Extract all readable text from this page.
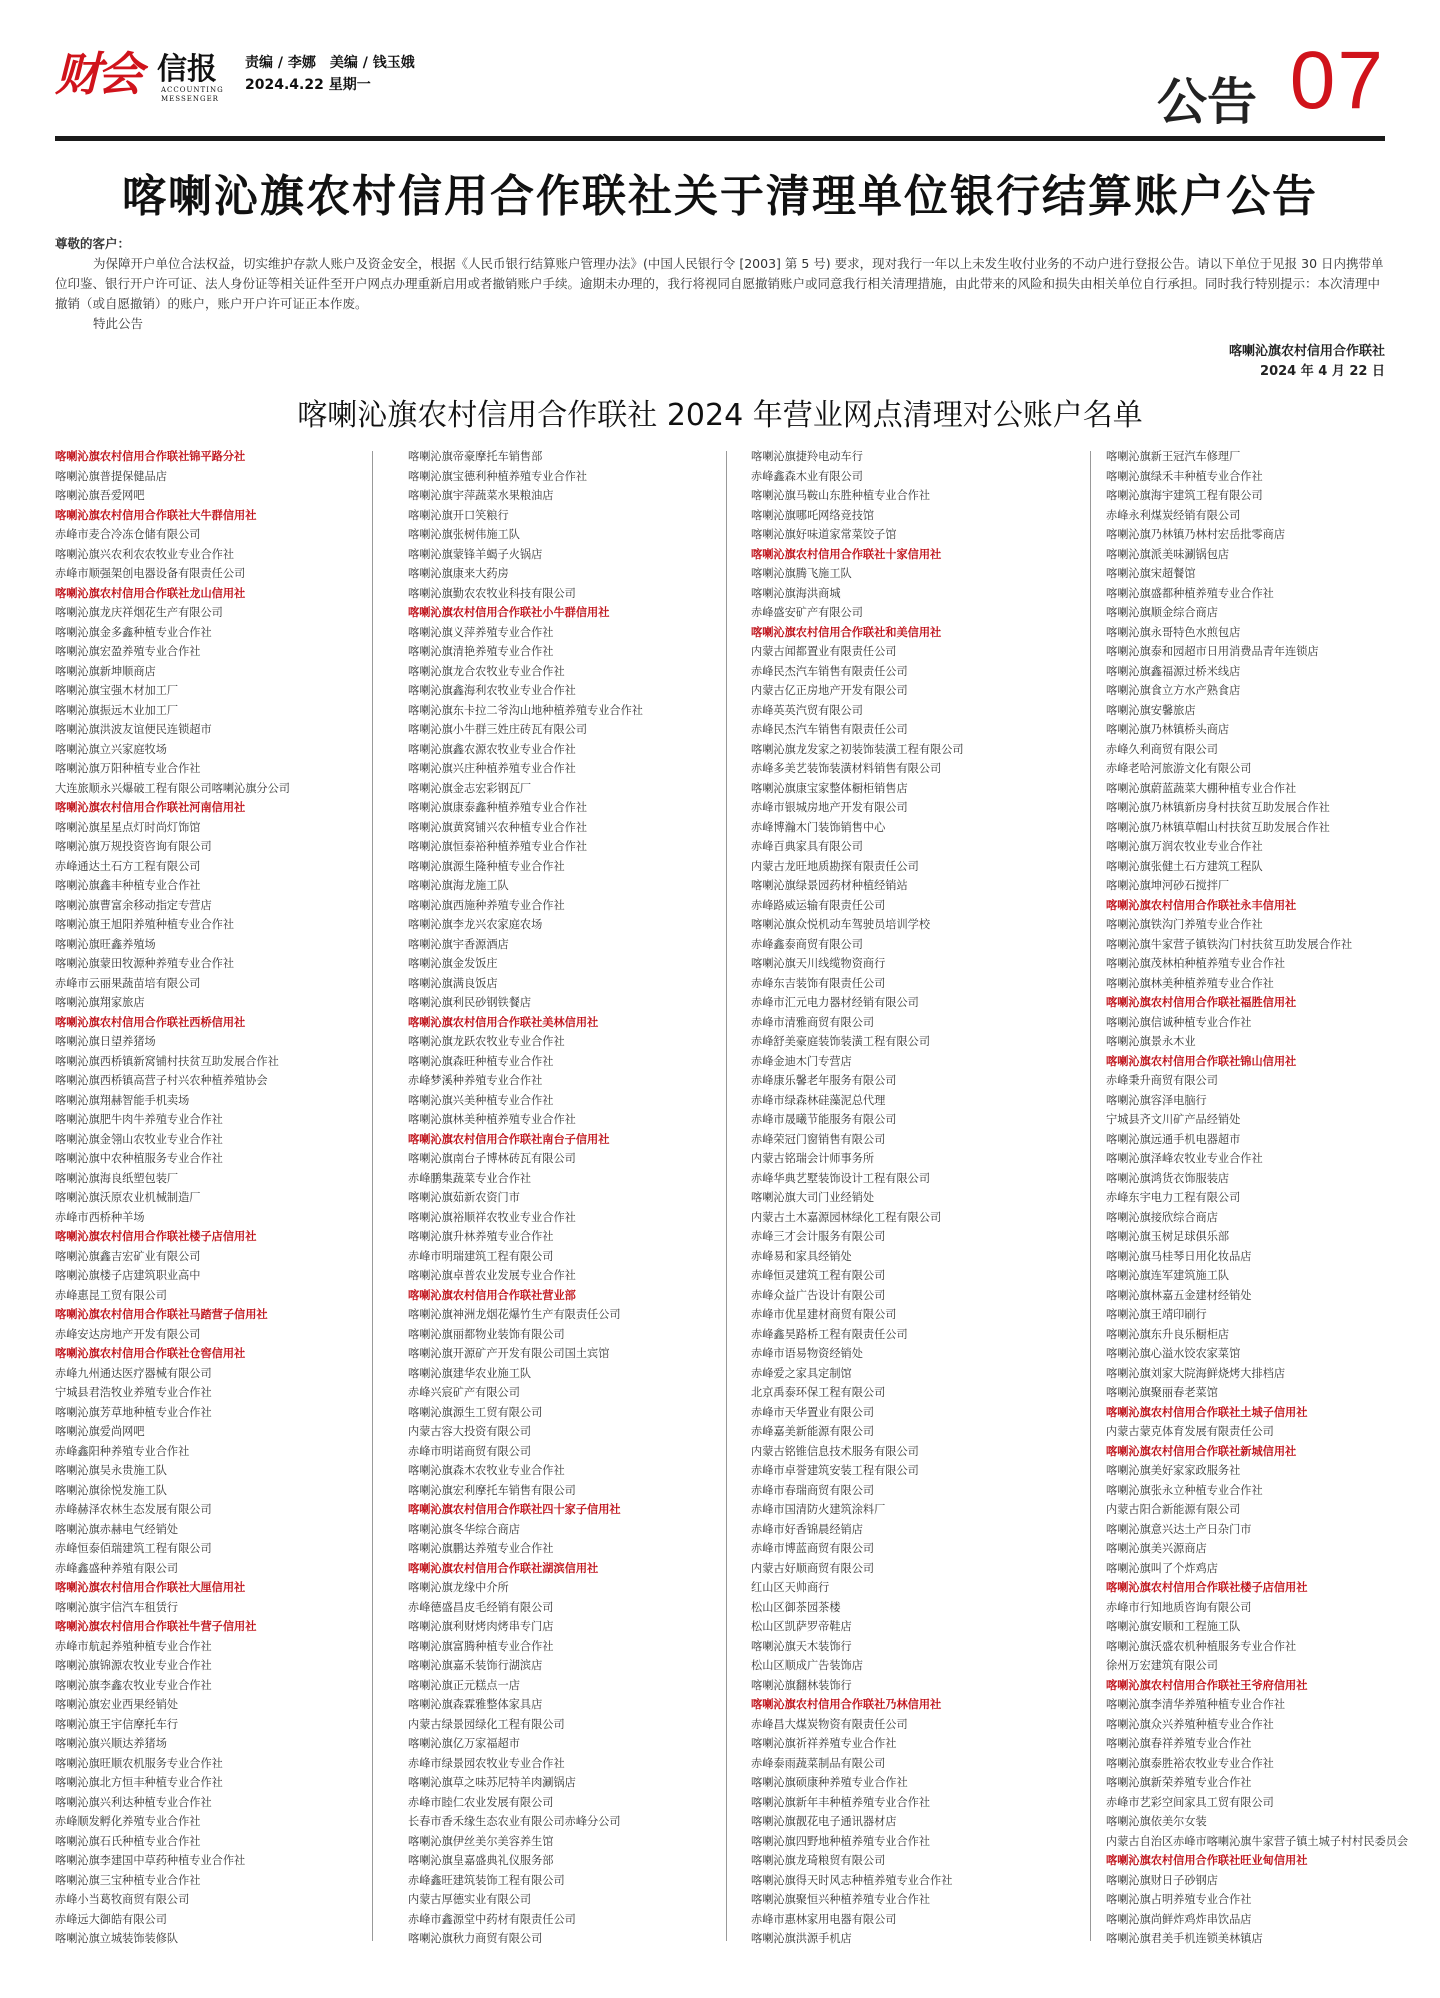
财会 信报
ACCOUNTING MESSENGER
责编 / 李娜 美编 / 钱玉娥
2024.4.22 星期一	公告 07
喀喇沁旗农村信用合作联社关于清理单位银行结算账户公告
尊敬的客户：

为保障开户单位合法权益，切实维护存款人账户及资金安全，根据《人民币银行结算账户管理办法》(中国人民银行令 [2003] 第 5 号) 要求，现对我行一年以上未发生收付业务的不动户进行登报公告。请以下单位于见报 30 日内携带单位印鉴、银行开户许可证、法人身份证等相关证件至开户网点办理重新启用或者撤销账户手续。逾期未办理的，我行将视同自愿撤销账户或同意我行相关清理措施，由此带来的风险和损失由相关单位自行承担。同时我行特别提示：本次清理中撤销（或自愿撤销）的账户，账户开户许可证正本作废。

特此公告

喀喇沁旗农村信用合作联社
2024 年 4 月 22 日
喀喇沁旗农村信用合作联社 2024 年营业网点清理对公账户名单
喀喇沁旗农村信用合作联社锦平路分社
喀喇沁旗普提保健品店
喀喇沁旗吾爱网吧
喀喇沁旗农村信用合作联社大牛群信用社
赤峰市麦合冷冻仓储有限公司
喀喇沁旗兴农利农农牧业专业合作社
赤峰市顺强架创电器设备有限责任公司
喀喇沁旗农村信用合作联社龙山信用社
喀喇沁旗龙庆祥烟花生产有限公司
喀喇沁旗金多鑫种植专业合作社
喀喇沁旗宏盈养殖专业合作社
喀喇沁旗新坤顺商店
喀喇沁旗宝强木材加工厂
喀喇沁旗振远木业加工厂
喀喇沁旗洪波友谊便民连锁超市
喀喇沁旗立兴家庭牧场
喀喇沁旗万阳种植专业合作社
大连旅顺永兴爆破工程有限公司喀喇沁旗分公司
喀喇沁旗农村信用合作联社河南信用社
喀喇沁旗星星点灯时尚灯饰馆
喀喇沁旗万规投资咨询有限公司
赤峰通达土石方工程有限公司
喀喇沁旗鑫丰种植专业合作社
喀喇沁旗曹富余移动指定专营店
喀喇沁旗王旭阳养殖种植专业合作社
喀喇沁旗旺鑫养殖场
喀喇沁旗蒙田牧源种养殖专业合作社
赤峰市云丽果蔬苗培有限公司
喀喇沁旗翔家旅店
喀喇沁旗农村信用合作联社西桥信用社
喀喇沁旗日望养猪场
喀喇沁旗西桥镇新窝铺村扶贫互助发展合作社
喀喇沁旗西桥镇高营子村兴农种植养殖协会
喀喇沁旗翔赫智能手机卖场
喀喇沁旗肥牛肉牛养殖专业合作社
喀喇沁旗金翎山农牧业专业合作社
喀喇沁旗中农种植服务专业合作社
喀喇沁旗海良纸塑包装厂
喀喇沁旗沃原农业机械制造厂
赤峰市西桥种羊场
喀喇沁旗农村信用合作联社楼子店信用社
喀喇沁旗鑫吉宏矿业有限公司
喀喇沁旗楼子店建筑职业高中
赤峰惠昆工贸有限公司
喀喇沁旗农村信用合作联社马踏营子信用社
赤峰安达房地产开发有限公司
喀喇沁旗农村信用合作联社仓窖信用社
赤峰九州通达医疗器械有限公司
宁城县君浩牧业养殖专业合作社
喀喇沁旗芳草地种植专业合作社
喀喇沁旗爱尚网吧
赤峰鑫阳种养殖专业合作社
喀喇沁旗吴永贵施工队
喀喇沁旗徐悦发施工队
赤峰赫泽农林生态发展有限公司
喀喇沁旗赤赫电气经销处
赤峰恒泰佰瑞建筑工程有限公司
赤峰鑫盛种养殖有限公司
喀喇沁旗农村信用合作联社大厘信用社
喀喇沁旗宇信汽车租赁行
喀喇沁旗农村信用合作联社牛营子信用社
赤峰市航起养殖种植专业合作社
喀喇沁旗锦源农牧业专业合作社
喀喇沁旗李鑫农牧业专业合作社
喀喇沁旗宏业西果经销处
喀喇沁旗王宇信摩托车行
喀喇沁旗兴顺达养猪场
喀喇沁旗旺顺农机服务专业合作社
喀喇沁旗北方恒丰种植专业合作社
喀喇沁旗兴利达种植专业合作社
赤峰顺发孵化养殖专业合作社
喀喇沁旗石氏种植专业合作社
喀喇沁旗李建国中草药种植专业合作社
喀喇沁旗三宝种植专业合作社
赤峰小当葛牧商贸有限公司
赤峰远大御皓有限公司
喀喇沁旗立城装饰装修队
喀喇沁旗帝豪摩托车销售部
喀喇沁旗宝德利种植养殖专业合作社
喀喇沁旗宇萍蔬菜水果粮油店
喀喇沁旗开口笑粮行
喀喇沁旗张树伟施工队
喀喇沁旗蒙锋羊蝎子火锅店
喀喇沁旗康来大药房
喀喇沁旗勤农农牧业科技有限公司
喀喇沁旗农村信用合作联社小牛群信用社
喀喇沁旗义萍养殖专业合作社
喀喇沁旗清艳养殖专业合作社
喀喇沁旗龙合农牧业专业合作社
喀喇沁旗鑫海利农牧业专业合作社
喀喇沁旗东卡拉二爷沟山地种植养殖专业合作社
喀喇沁旗小牛群三姓庄砖瓦有限公司
喀喇沁旗鑫农源农牧业专业合作社
喀喇沁旗兴庄种植养殖专业合作社
喀喇沁旗金志宏彩钢瓦厂
喀喇沁旗康泰鑫种植养殖专业合作社
喀喇沁旗黄窝铺兴农种植专业合作社
喀喇沁旗恒泰裕种植养殖专业合作社
喀喇沁旗源生隆种植专业合作社
喀喇沁旗海龙施工队
喀喇沁旗西施种养殖专业合作社
喀喇沁旗李龙兴农家庭农场
喀喇沁旗宇香源酒店
喀喇沁旗金发饭庄
喀喇沁旗满良饭店
喀喇沁旗利民砂钢铁餐店
喀喇沁旗农村信用合作联社美林信用社
喀喇沁旗龙跃农牧业专业合作社
喀喇沁旗森旺种植专业合作社
赤峰梦溪种养殖专业合作社
喀喇沁旗兴美种植专业合作社
喀喇沁旗林美种植养殖专业合作社
喀喇沁旗农村信用合作联社南台子信用社
喀喇沁旗南台子博林砖瓦有限公司
赤峰鹏集蔬菜专业合作社
喀喇沁旗茹新农资门市
喀喇沁旗裕顺祥农牧业专业合作社
喀喇沁旗升林养殖专业合作社
赤峰市明瑞建筑工程有限公司
喀喇沁旗卓普农业发展专业合作社
喀喇沁旗农村信用合作联社营业部
喀喇沁旗神洲龙烟花爆竹生产有限责任公司
喀喇沁旗丽都物业装饰有限公司
喀喇沁旗开源矿产开发有限公司国土宾馆
喀喇沁旗建华农业施工队
赤峰兴宸矿产有限公司
喀喇沁旗源生工贸有限公司
内蒙古容大投资有限公司
赤峰市明诺商贸有限公司
喀喇沁旗森木农牧业专业合作社
喀喇沁旗宏利摩托车销售有限公司
喀喇沁旗农村信用合作联社四十家子信用社
喀喇沁旗冬华综合商店
喀喇沁旗鹏达养殖专业合作社
喀喇沁旗农村信用合作联社湖滨信用社
喀喇沁旗龙缘中介所
赤峰德盛昌皮毛经销有限公司
喀喇沁旗利财烤肉烤串专门店
喀喇沁旗富腾种植专业合作社
喀喇沁旗嘉禾装饰行湖滨店
喀喇沁旗正元糕点一店
喀喇沁旗森霖雅整体家具店
内蒙古绿景园绿化工程有限公司
喀喇沁旗亿万家福超市
赤峰市绿景园农牧业专业合作社
喀喇沁旗草之味苏尼特羊肉涮锅店
赤峰市睦仁农业发展有限公司
长春市香禾缘生态农业有限公司赤峰分公司
喀喇沁旗伊丝美尔美容养生馆
喀喇沁旗皇嘉盛典礼仪服务部
赤峰鑫旺建筑装饰工程有限公司
内蒙古厚德实业有限公司
赤峰市鑫源堂中药材有限责任公司
喀喇沁旗秋力商贸有限公司
喀喇沁旗捷羚电动车行
赤峰鑫森木业有限公司
喀喇沁旗马鞍山东胜种植专业合作社
喀喇沁旗哪吒网络竞技馆
喀喇沁旗好味道家常菜饺子馆
喀喇沁旗农村信用合作联社十家信用社
喀喇沁旗腾飞施工队
喀喇沁旗海洪商城
赤峰盛安矿产有限公司
喀喇沁旗农村信用合作联社和美信用社
内蒙古闻都置业有限责任公司
赤峰民杰汽车销售有限责任公司
内蒙古亿正房地产开发有限公司
赤峰英英汽贸有限公司
赤峰民杰汽车销售有限责任公司
喀喇沁旗龙发家之初装饰装潢工程有限公司
赤峰多美艺装饰装潢材料销售有限公司
喀喇沁旗康宝家整体橱柜销售店
赤峰市银城房地产开发有限公司
赤峰博瀚木门装饰销售中心
赤峰百典家具有限公司
内蒙古龙旺地质勘探有限责任公司
喀喇沁旗绿景园药材种植经销站
赤峰路威运输有限责任公司
喀喇沁旗众悦机动车驾驶员培训学校
赤峰鑫泰商贸有限公司
喀喇沁旗天川线缆物资商行
赤峰东吉装饰有限责任公司
赤峰市汇元电力器材经销有限公司
赤峰市清雅商贸有限公司
赤峰舒美豪庭装饰装潢工程有限公司
赤峰金迪木门专营店
赤峰康乐馨老年服务有限公司
赤峰市绿森林硅藻泥总代理
赤峰市晟曦节能服务有限公司
赤峰荣冠门窗销售有限公司
内蒙古铭瑞会计师事务所
赤峰华典艺墅装饰设计工程有限公司
喀喇沁旗大司门业经销处
内蒙古土木嘉源园林绿化工程有限公司
赤峰三才会计服务有限公司
赤峰易和家具经销处
赤峰恒灵建筑工程有限公司
赤峰众益广告设计有限公司
赤峰市优星建材商贸有限公司
赤峰鑫昊路桥工程有限责任公司
赤峰市语易物资经销处
赤峰爱之家具定制馆
北京禹泰环保工程有限公司
赤峰市天华置业有限公司
赤峰嘉美新能源有限公司
内蒙古铭锥信息技术服务有限公司
赤峰市卓誉建筑安装工程有限公司
赤峰市春瑞商贸有限公司
赤峰市国清防火建筑涂料厂
赤峰市好香锦晨经销店
赤峰市博蓝商贸有限公司
内蒙古好顺商贸有限公司
红山区天帅商行
松山区御茶园茶楼
松山区凯萨罗帝鞋店
喀喇沁旗天木装饰行
松山区顺成广告装饰店
喀喇沁旗翻林装饰行
喀喇沁旗农村信用合作联社乃林信用社
赤峰昌大煤炭物资有限责任公司
喀喇沁旗祈祥养殖专业合作社
赤峰泰雨蔬菜制品有限公司
喀喇沁旗硕康种养殖专业合作社
喀喇沁旗新年丰种植养殖专业合作社
喀喇沁旗靓花电子通讯器材店
喀喇沁旗四野地种植养殖专业合作社
喀喇沁旗龙琦粮贸有限公司
喀喇沁旗得天时风志种植养殖专业合作社
喀喇沁旗聚恒兴种植养殖专业合作社
赤峰市惠林家用电器有限公司
喀喇沁旗洪源手机店
喀喇沁旗新王冠汽车修理厂
喀喇沁旗绿禾丰种植专业合作社
喀喇沁旗海宇建筑工程有限公司
赤峰永利煤炭经销有限公司
喀喇沁旗乃林镇乃林村宏岳批零商店
喀喇沁旗派美味涮锅包店
喀喇沁旗宋超餐馆
喀喇沁旗盛都种植养殖专业合作社
喀喇沁旗顺金综合商店
喀喇沁旗永哥特色水煎包店
喀喇沁旗泰和园超市日用消费品青年连锁店
喀喇沁旗鑫福源过桥米线店
喀喇沁旗食立方水产熟食店
喀喇沁旗安馨旅店
喀喇沁旗乃林镇桥头商店
赤峰久利商贸有限公司
赤峰老哈河旅游文化有限公司
喀喇沁旗蔚蓝蔬菜大棚种植专业合作社
喀喇沁旗乃林镇新房身村扶贫互助发展合作社
喀喇沁旗乃林镇草帽山村扶贫互助发展合作社
喀喇沁旗万润农牧业专业合作社
喀喇沁旗张健土石方建筑工程队
喀喇沁旗坤河砂石搅拌厂
喀喇沁旗农村信用合作联社永丰信用社
喀喇沁旗铁沟门养殖专业合作社
喀喇沁旗牛家营子镇铁沟门村扶贫互助发展合作社
喀喇沁旗茂林柏种植养殖专业合作社
喀喇沁旗林美种植养殖专业合作社
喀喇沁旗农村信用合作联社福胜信用社
喀喇沁旗信诚种植专业合作社
喀喇沁旗景永木业
喀喇沁旗农村信用合作联社锦山信用社
赤峰秉升商贸有限公司
喀喇沁旗容泽电脑行
宁城县齐文川矿产品经销处
喀喇沁旗远通手机电器超市
喀喇沁旗泽峰农牧业专业合作社
喀喇沁旗鸿货衣饰服装店
赤峰东宇电力工程有限公司
喀喇沁旗接欣综合商店
喀喇沁旗玉树足球俱乐部
喀喇沁旗马桂琴日用化妆品店
喀喇沁旗连军建筑施工队
喀喇沁旗林嘉五金建材经销处
喀喇沁旗王靖印刷行
喀喇沁旗东升良乐橱柜店
喀喇沁旗心溢水饺农家菜馆
喀喇沁旗刘家大院海鲜烧烤大排档店
喀喇沁旗聚丽春老菜馆
喀喇沁旗农村信用合作联社土城子信用社
内蒙古蒙克体育发展有限责任公司
喀喇沁旗农村信用合作联社新城信用社
喀喇沁旗美好家家政服务社
喀喇沁旗张永立种植专业合作社
内蒙古阳合新能源有限公司
喀喇沁旗意兴达土产日杂门市
喀喇沁旗美兴源商店
喀喇沁旗叫了个炸鸡店
喀喇沁旗农村信用合作联社楼子店信用社
赤峰市行知地质咨询有限公司
喀喇沁旗安顺和工程施工队
喀喇沁旗沃盛农机种植服务专业合作社
徐州万宏建筑有限公司
喀喇沁旗农村信用合作联社王爷府信用社
喀喇沁旗李清华养殖种植专业合作社
喀喇沁旗众兴养殖种植专业合作社
喀喇沁旗春祥养殖专业合作社
喀喇沁旗泰胜裕农牧业专业合作社
喀喇沁旗新荣养殖专业合作社
赤峰市艺彩空间家具工贸有限公司
喀喇沁旗依美尔女装
内蒙古自治区赤峰市喀喇沁旗牛家营子镇土城子村村民委员会
喀喇沁旗农村信用合作联社旺业甸信用社
喀喇沁旗财日子砂钢店
喀喇沁旗占明养殖专业合作社
喀喇沁旗尚鲜炸鸡炸串饮品店
喀喇沁旗君美手机连锁美林镇店
